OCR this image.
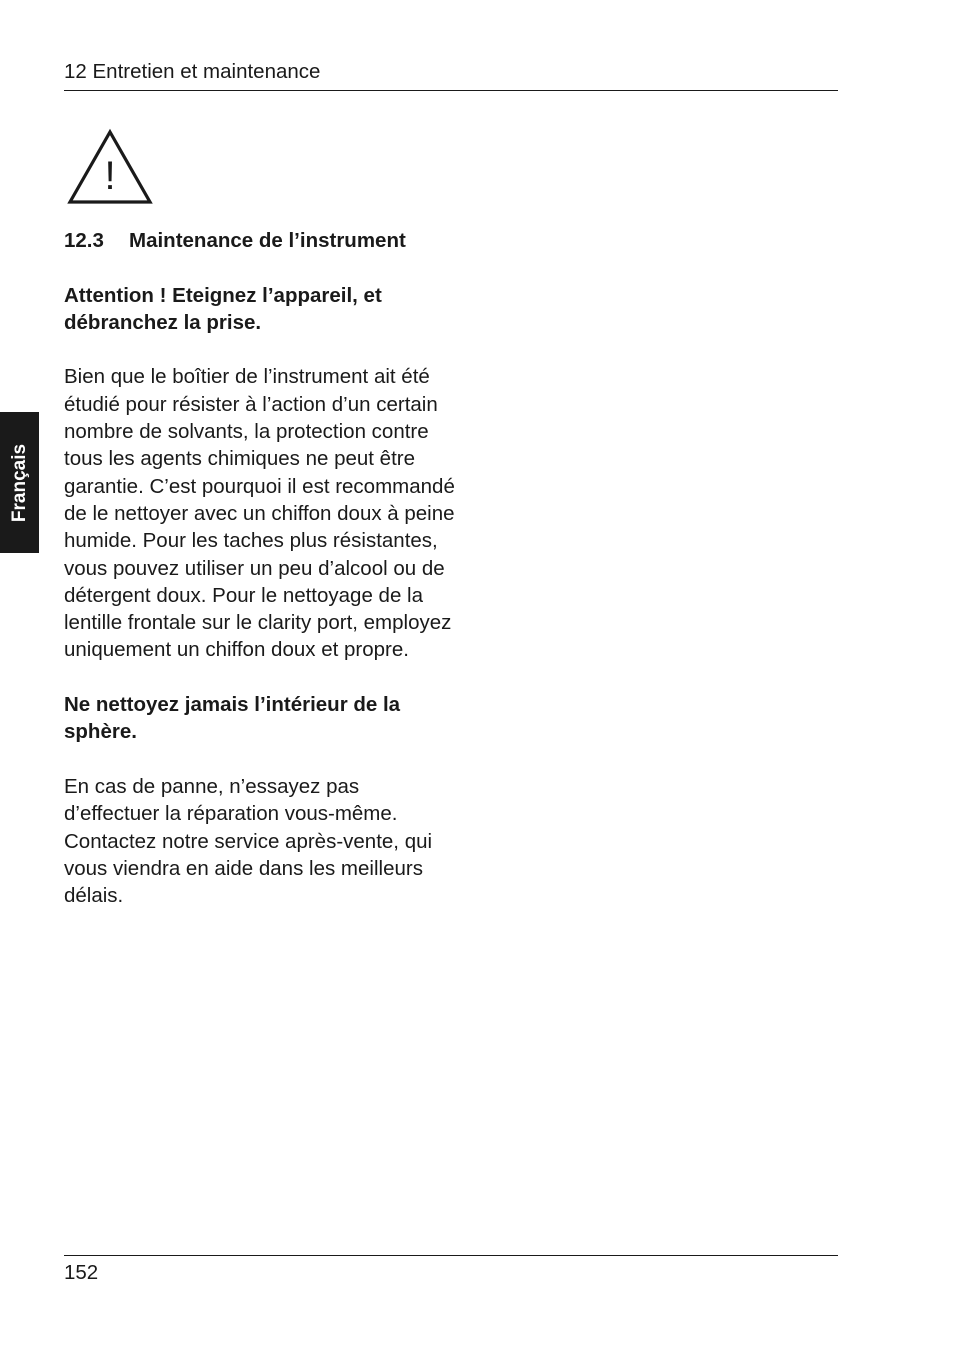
12 Entretien et maintenance
!
Français
12.3 Maintenance de l’instrument

Attention ! Eteignez l’appareil, et débranchez la prise.

Bien que le boîtier de l’instrument ait été étudié pour résister à l’action d’un certain nombre de solvants, la protection contre tous les agents chimiques ne peut être garantie. C’est pourquoi il est recommandé de le nettoyer avec un chiffon doux à peine humide. Pour les taches plus résistantes, vous pouvez utiliser un peu d’alcool ou de détergent doux. Pour le nettoyage de la lentille frontale sur le clarity port, employez uniquement un chiffon doux et propre.

Ne nettoyez jamais l’intérieur de la sphère.

En cas de panne, n’essayez pas d’effectuer la réparation vous-même. Contactez notre service après-vente, qui vous viendra en aide dans les meilleurs délais.

152
